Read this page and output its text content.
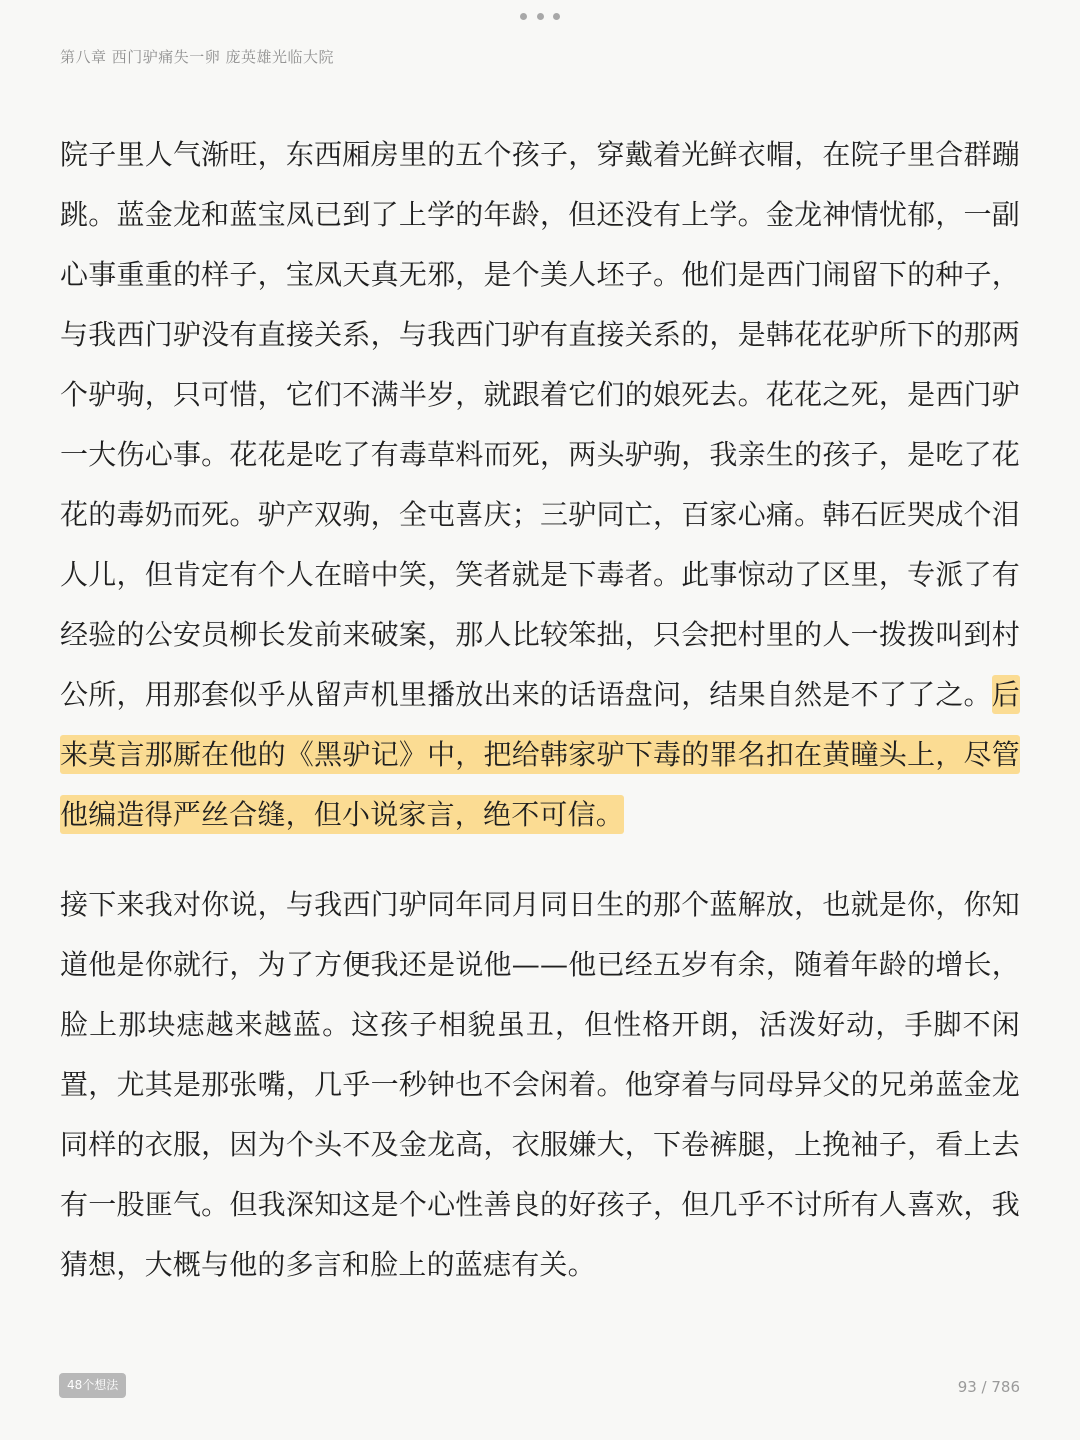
第八章 西门驴痛失一卵 庞英雄光临大院

院子里人气渐旺，东西厢房里的五个孩子，穿戴着光鲜衣帽，在院子里合群蹦跳。蓝金龙和蓝宝凤已到了上学的年龄，但还没有上学。金龙神情忧郁，一副心事重重的样子，宝凤天真无邪，是个美人坯子。他们是西门闹留下的种子，与我西门驴没有直接关系，与我西门驴有直接关系的，是韩花花驴所下的那两个驴驹，只可惜，它们不满半岁，就跟着它们的娘死去。花花之死，是西门驴一大伤心事。花花是吃了有毒草料而死，两头驴驹，我亲生的孩子，是吃了花花的毒奶而死。驴产双驹，全屯喜庆；三驴同亡，百家心痛。韩石匠哭成个泪人儿，但肯定有个人在暗中笑，笑者就是下毒者。此事惊动了区里，专派了有经验的公安员柳长发前来破案，那人比较笨拙，只会把村里的人一拨拨叫到村公所，用那套似乎从留声机里播放出来的话语盘问，结果自然是不了了之。后来莫言那厮在他的《黑驴记》中，把给韩家驴下毒的罪名扣在黄瞳头上，尽管他编造得严丝合缝，但小说家言，绝不可信。

接下来我对你说，与我西门驴同年同月同日生的那个蓝解放，也就是你，你知道他是你就行，为了方便我还是说他——他已经五岁有余，随着年龄的增长，脸上那块痣越来越蓝。这孩子相貌虽丑，但性格开朗，活泼好动，手脚不闲置，尤其是那张嘴，几乎一秒钟也不会闲着。他穿着与同母异父的兄弟蓝金龙同样的衣服，因为个头不及金龙高，衣服嫌大，下卷裤腿，上挽袖子，看上去有一股匪气。但我深知这是个心性善良的好孩子，但几乎不讨所有人喜欢，我猜想，大概与他的多言和脸上的蓝痣有关。

48个想法	93 / 786
